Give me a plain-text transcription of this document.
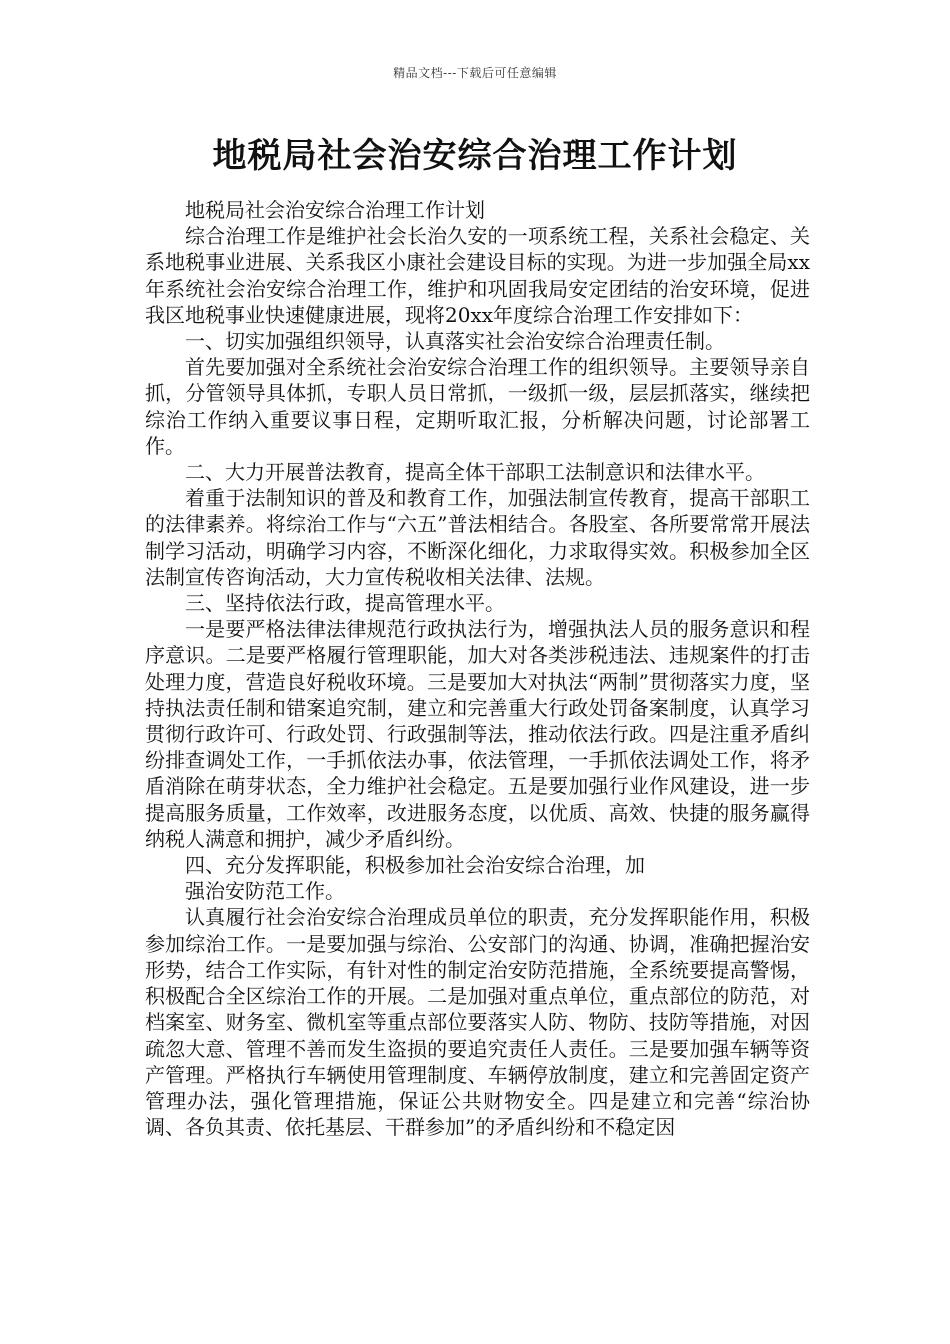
精品文档---下载后可任意编辑
地税局社会治安综合治理工作计划

地税局社会治安综合治理工作计划

综合治理工作是维护社会长治久安的一项系统工程，关系社会稳定、关系地税事业进展、关系我区小康社会建设目标的实现。为进一步加强全局xx年系统社会治安综合治理工作，维护和巩固我局安定团结的治安环境，促进我区地税事业快速健康进展，现将20xx年度综合治理工作安排如下：

一、切实加强组织领导，认真落实社会治安综合治理责任制。

首先要加强对全系统社会治安综合治理工作的组织领导。主要领导亲自抓，分管领导具体抓，专职人员日常抓，一级抓一级，层层抓落实，继续把综治工作纳入重要议事日程，定期听取汇报，分析解决问题，讨论部署工作。

二、大力开展普法教育，提高全体干部职工法制意识和法律水平。

着重于法制知识的普及和教育工作，加强法制宣传教育，提高干部职工的法律素养。将综治工作与“六五”普法相结合。各股室、各所要常常开展法制学习活动，明确学习内容，不断深化细化，力求取得实效。积极参加全区法制宣传咨询活动，大力宣传税收相关法律、法规。

三、坚持依法行政，提高管理水平。

一是要严格法律法律规范行政执法行为，增强执法人员的服务意识和程序意识。二是要严格履行管理职能，加大对各类涉税违法、违规案件的打击处理力度，营造良好税收环境。三是要加大对执法“两制”贯彻落实力度，坚持执法责任制和错案追究制，建立和完善重大行政处罚备案制度，认真学习贯彻行政许可、行政处罚、行政强制等法，推动依法行政。四是注重矛盾纠纷排查调处工作，一手抓依法办事，依法管理，一手抓依法调处工作，将矛盾消除在萌芽状态，全力维护社会稳定。五是要加强行业作风建设，进一步提高服务质量，工作效率，改进服务态度，以优质、高效、快捷的服务赢得纳税人满意和拥护，减少矛盾纠纷。

四、充分发挥职能，积极参加社会治安综合治理，加

强治安防范工作。

认真履行社会治安综合治理成员单位的职责，充分发挥职能作用，积极参加综治工作。一是要加强与综治、公安部门的沟通、协调，准确把握治安形势，结合工作实际，有针对性的制定治安防范措施，全系统要提高警惕，积极配合全区综治工作的开展。二是加强对重点单位，重点部位的防范，对档案室、财务室、微机室等重点部位要落实人防、物防、技防等措施，对因疏忽大意、管理不善而发生盗损的要追究责任人责任。三是要加强车辆等资产管理。严格执行车辆使用管理制度、车辆停放制度，建立和完善固定资产管理办法，强化管理措施，保证公共财物安全。四是建立和完善“综治协调、各负其责、依托基层、干群参加”的矛盾纠纷和不稳定因
